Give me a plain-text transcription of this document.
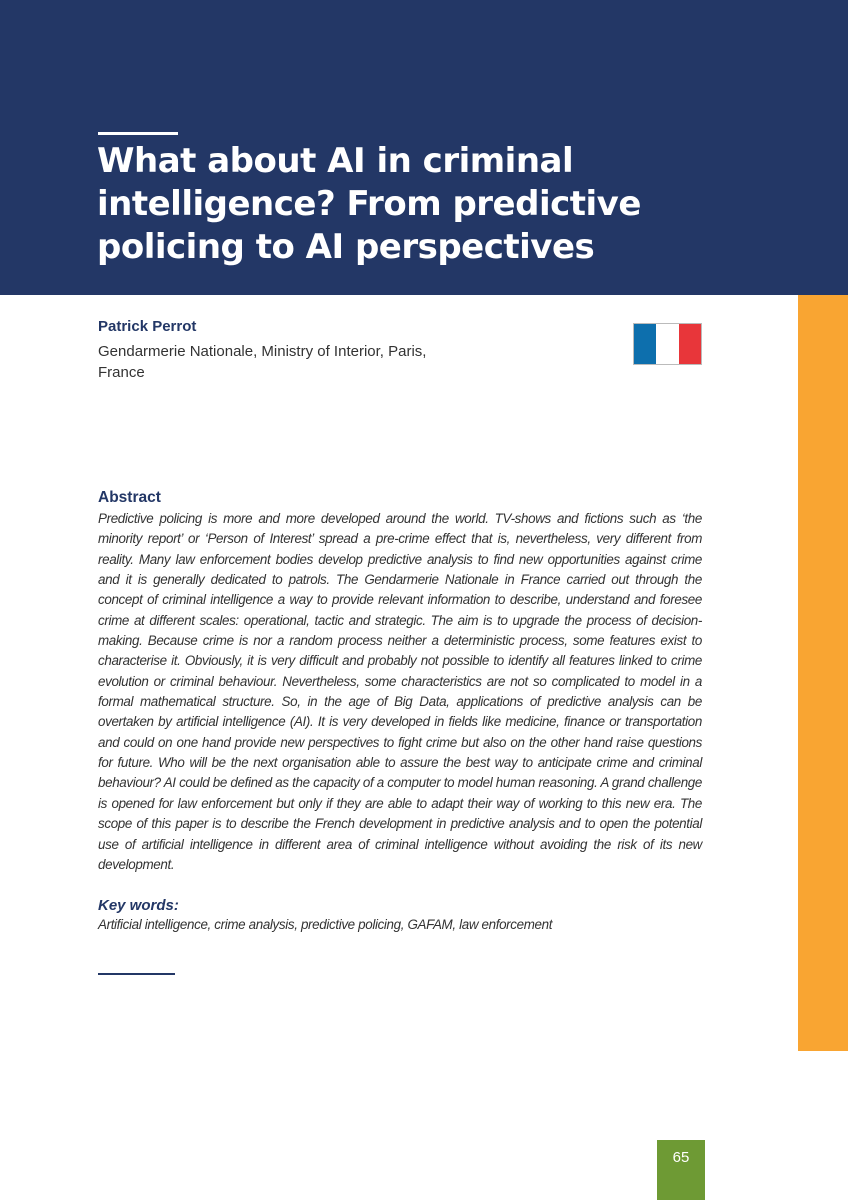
What about AI in criminal intelligence? From predictive policing to AI perspectives
Patrick Perrot
Gendarmerie Nationale, Ministry of Interior, Paris, France
Abstract

Predictive policing is more and more developed around the world. TV-shows and fictions such as ‘the minority report’ or ‘Person of Interest’ spread a pre-crime effect that is, nevertheless, very different from reality. Many law enforcement bodies develop predictive analysis to find new opportunities against crime and it is generally dedicated to patrols. The Gendarmerie Nationale in France carried out through the concept of criminal intelligence a way to provide relevant information to describe, understand and foresee crime at different scales: operational, tactic and strategic. The aim is to upgrade the process of decision-making. Because crime is nor a random process neither a deterministic process, some features exist to characterise it. Obviously, it is very difficult and probably not possible to identify all features linked to crime evolution or criminal behaviour. Nevertheless, some characteristics are not so complicated to model in a formal mathematical structure. So, in the age of Big Data, applications of predictive analysis can be overtaken by artificial intelligence (AI). It is very developed in fields like medicine, finance or transportation and could on one hand provide new perspectives to fight crime but also on the other hand raise questions for future. Who will be the next organisation able to assure the best way to anticipate crime and criminal behaviour? AI could be defined as the capacity of a computer to model human reasoning. A grand challenge is opened for law enforcement but only if they are able to adapt their way of working to this new era. The scope of this paper is to describe the French development in predictive analysis and to open the potential use of artificial intelligence in different area of criminal intelligence without avoiding the risk of its new development.

Key words:
Artificial intelligence, crime analysis, predictive policing, GAFAM, law enforcement
65
